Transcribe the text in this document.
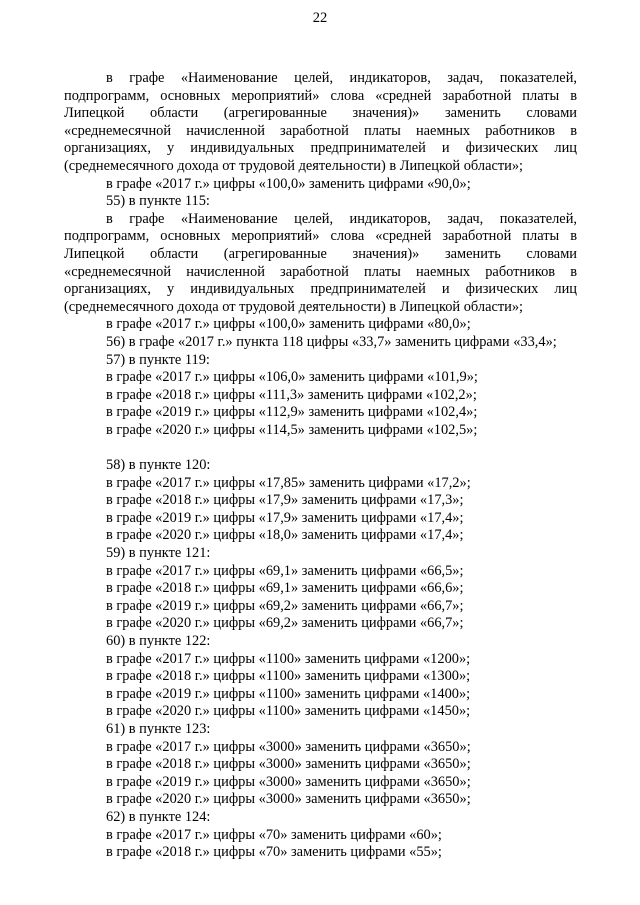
22
в графе «Наименование целей, индикаторов, задач, показателей,
подпрограмм, основных мероприятий» слова «средней заработной платы в
Липецкой области (агрегированные значения)» заменить словами
«среднемесячной начисленной заработной платы наемных работников в
организациях, у индивидуальных предпринимателей и физических лиц
(среднемесячного дохода от трудовой деятельности) в Липецкой области»;
в графе «2017 г.» цифры «100,0» заменить цифрами «90,0»;
55) в пункте 115:
в графе «Наименование целей, индикаторов, задач, показателей,
подпрограмм, основных мероприятий» слова «средней заработной платы в
Липецкой области (агрегированные значения)» заменить словами
«среднемесячной начисленной заработной платы наемных работников в
организациях, у индивидуальных предпринимателей и физических лиц
(среднемесячного дохода от трудовой деятельности) в Липецкой области»;
в графе «2017 г.» цифры «100,0» заменить цифрами «80,0»;
56) в графе «2017 г.» пункта 118 цифры «33,7» заменить цифрами «33,4»;
57) в пункте 119:
в графе «2017 г.» цифры «106,0» заменить цифрами «101,9»;
в графе «2018 г.» цифры «111,3» заменить цифрами «102,2»;
в графе «2019 г.» цифры «112,9» заменить цифрами «102,4»;
в графе «2020 г.» цифры «114,5» заменить цифрами «102,5»;
58) в пункте 120:
в графе «2017 г.» цифры «17,85» заменить цифрами «17,2»;
в графе «2018 г.» цифры «17,9» заменить цифрами «17,3»;
в графе «2019 г.» цифры «17,9» заменить цифрами «17,4»;
в графе «2020 г.» цифры «18,0» заменить цифрами «17,4»;
59) в пункте 121:
в графе «2017 г.» цифры «69,1» заменить цифрами «66,5»;
в графе «2018 г.» цифры «69,1» заменить цифрами «66,6»;
в графе «2019 г.» цифры «69,2» заменить цифрами «66,7»;
в графе «2020 г.» цифры «69,2» заменить цифрами «66,7»;
60) в пункте 122:
в графе «2017 г.» цифры «1100» заменить цифрами «1200»;
в графе «2018 г.» цифры «1100» заменить цифрами «1300»;
в графе «2019 г.» цифры «1100» заменить цифрами «1400»;
в графе «2020 г.» цифры «1100» заменить цифрами «1450»;
61) в пункте 123:
в графе «2017 г.» цифры «3000» заменить цифрами «3650»;
в графе «2018 г.» цифры «3000» заменить цифрами «3650»;
в графе «2019 г.» цифры «3000» заменить цифрами «3650»;
в графе «2020 г.» цифры «3000» заменить цифрами «3650»;
62) в пункте 124:
в графе «2017 г.» цифры «70» заменить цифрами «60»;
в графе «2018 г.» цифры «70» заменить цифрами «55»;
